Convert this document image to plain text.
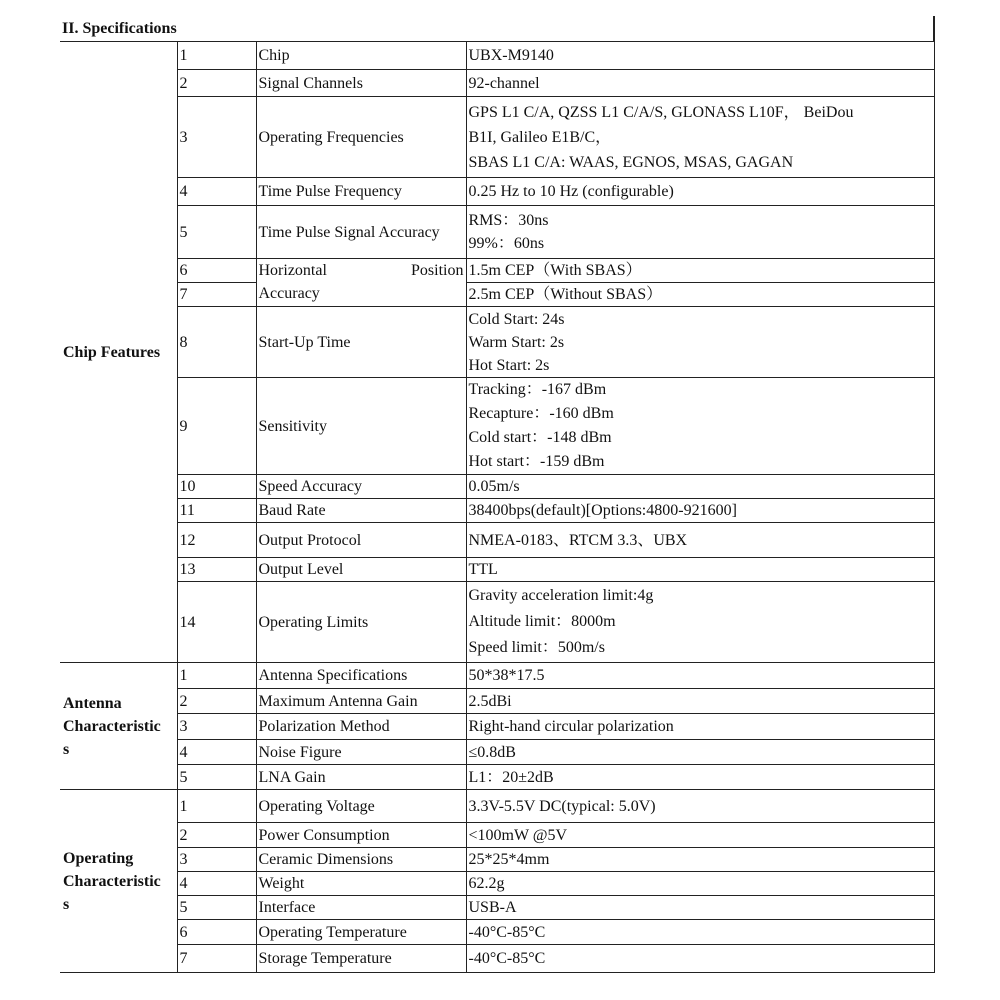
II. Specifications			
Chip Features	1	Chip	UBX-M9140

	2	Signal Channels	92-channel

	3	Operating Frequencies	GPS L1 C/A, QZSS L1 C/A/S, GLONASS L10F， BeiDou
B1I, Galileo E1B/C，
SBAS L1 C/A: WAAS, EGNOS, MSAS, GAGAN

	4	Time Pulse Frequency	0.25 Hz to 10 Hz (configurable)

	5	Time Pulse Signal Accuracy	RMS：30ns
99%：60ns

	6	Horizontal Position
Accuracy	1.5m CEP（With SBAS）

	7		2.5m CEP（Without SBAS）

	8	Start-Up Time	Cold Start: 24s
Warm Start: 2s
Hot Start: 2s

	9	Sensitivity	Tracking：-167 dBm
Recapture：-160 dBm
Cold start：-148 dBm
Hot start：-159 dBm

	10	Speed Accuracy	0.05m/s

	11	Baud Rate	38400bps(default)[Options:4800-921600]

	12	Output Protocol	NMEA-0183、RTCM 3.3、UBX

	13	Output Level	TTL

	14	Operating Limits	Gravity acceleration limit:4g
Altitude limit：8000m
Speed limit：500m/s

Antenna
Characteristic
s	1	Antenna Specifications	50*38*17.5

	2	Maximum Antenna Gain	2.5dBi

	3	Polarization Method	Right-hand circular polarization

	4	Noise Figure	≤0.8dB

	5	LNA Gain	L1：20±2dB

Operating
Characteristic
s	1	Operating Voltage	3.3V-5.5V DC(typical: 5.0V)

	2	Power Consumption	<100mW @5V

	3	Ceramic Dimensions	25*25*4mm

	4	Weight	62.2g

	5	Interface	USB-A

	6	Operating Temperature	-40°C-85°C

	7	Storage Temperature	-40°C-85°C
